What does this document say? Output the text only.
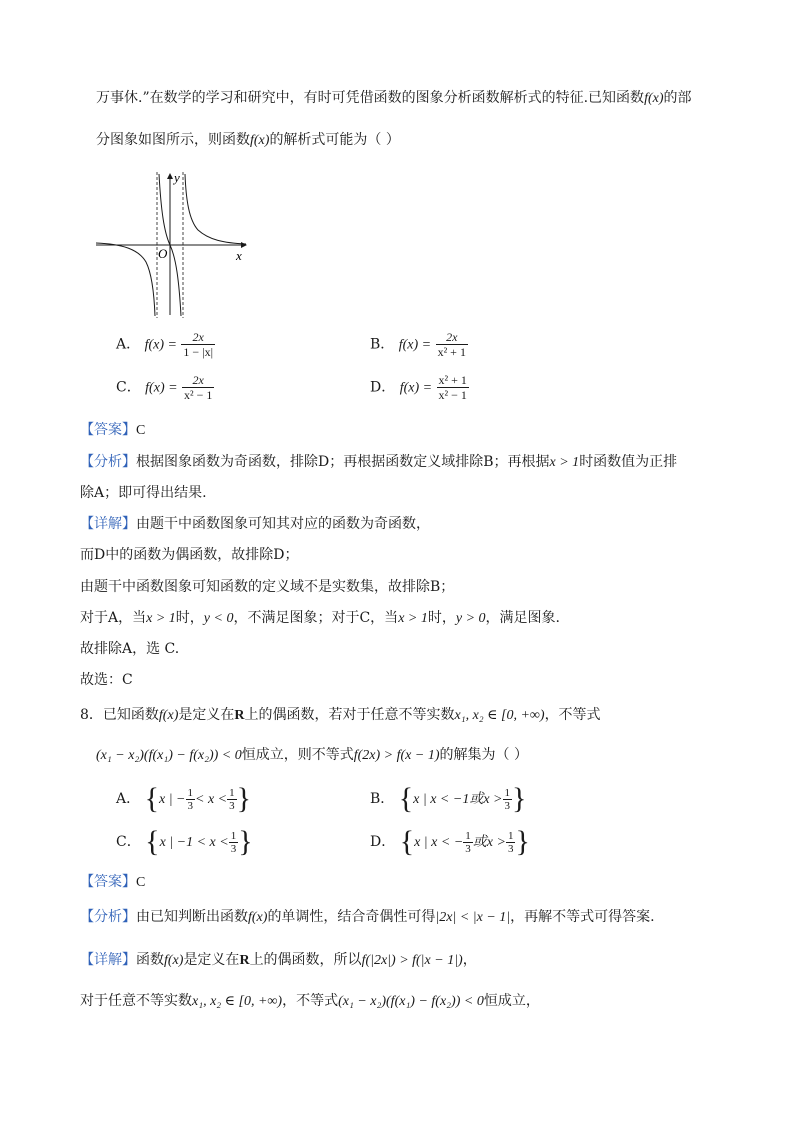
万事休.”在数学的学习和研究中，有时可凭借函数的图象分析函数解析式的特征.已知函数f(x)的部
分图象如图所示，则函数f(x)的解析式可能为（ ）
y
x
O
A． $f(x) = \frac{2x}{1 - |x|}$	B． $f(x) = \frac{2x}{\text{x² + 1}}$
C． $f(x) = \frac{2x}{\text{x² − 1}}$	D． $f(x) = \frac{\text{x² + 1}}{\text{x² − 1}}$
【答案】C
【分析】根据图象函数为奇函数，排除D；再根据函数定义域排除B；再根据x > 1时函数值为正排
除A；即可得出结果.
【详解】由题干中函数图象可知其对应的函数为奇函数，
而D中的函数为偶函数，故排除D；
由题干中函数图象可知函数的定义域不是实数集，故排除B；
对于A，当x > 1时，y < 0，不满足图象；对于C，当x > 1时，y > 0，满足图象.
故排除A，选 C.
故选：C
8．已知函数f(x)是定义在R上的偶函数，若对于任意不等实数x₁, x₂ ∈ [0, +∞)，不等式
(x₁ − x₂)(f(x₁) − f(x₂)) < 0恒成立，则不等式f(2x) > f(x − 1)的解集为（ ）
A． {x | − $\frac{1}{3} < x < \frac{1}{3}$ }	B． {x | x < −1或$x > \frac{1}{3}$ }
C． {x | $-1 < x < \frac{1}{3}$ }	D． {x | x < − $\frac{1}{3}$ 或$x > \frac{1}{3}$ }
【答案】C
【分析】由已知判断出函数f(x)的单调性，结合奇偶性可得|2x| < |x − 1|，再解不等式可得答案.
【详解】函数f(x)是定义在R上的偶函数，所以f(|2x|) > f(|x − 1|)，
对于任意不等实数x₁, x₂ ∈ [0, +∞)，不等式(x₁ − x₂)(f(x₁) − f(x₂)) < 0恒成立，
